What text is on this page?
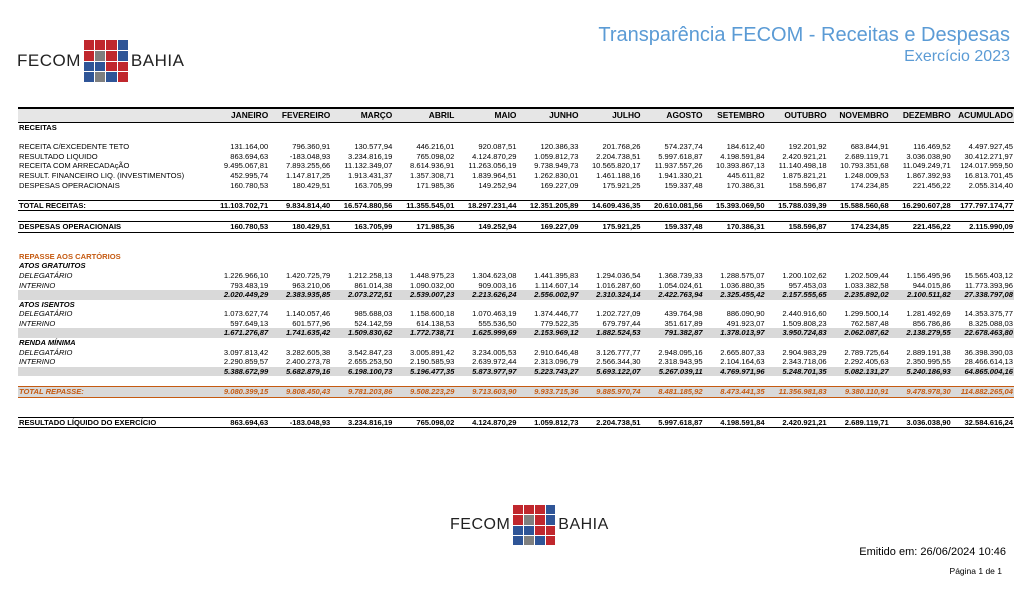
FECOM	BAHIA
Transparência FECOM - Receitas e Despesas
Exercício 2023
	JANEIRO	FEVEREIRO	MARÇO	ABRIL	MAIO	JUNHO	JULHO	AGOSTO	SETEMBRO	OUTUBRO	NOVEMBRO	DEZEMBRO	ACUMULADO
RECEITAS													

RECEITA C/EXCEDENTE TETO	131.164,00	796.360,91	130.577,94	446.216,01	920.087,51	120.386,33	201.768,26	574.237,74	184.612,40	192.201,92	683.844,91	116.469,52	4.497.927,45
RESULTADO LIQUIDO	863.694,63	-183.048,93	3.234.816,19	765.098,02	4.124.870,29	1.059.812,73	2.204.738,51	5.997.618,87	4.198.591,84	2.420.921,21	2.689.119,71	3.036.038,90	30.412.271,97
RECEITA COM ARRECADAçÃO	9.495.067,81	7.893.255,66	11.132.349,07	8.614.936,91	11.263.056,19	9.738.949,73	10.565.820,17	11.937.557,26	10.393.867,13	11.140.498,18	10.793.351,68	11.049.249,71	124.017.959,50
RESULT. FINANCEIRO LIQ. (INVESTIMENTOS)	452.995,74	1.147.817,25	1.913.431,37	1.357.308,71	1.839.964,51	1.262.830,01	1.461.188,16	1.941.330,21	445.611,82	1.875.821,21	1.248.009,53	1.867.392,93	16.813.701,45
DESPESAS OPERACIONAIS	160.780,53	180.429,51	163.705,99	171.985,36	149.252,94	169.227,09	175.921,25	159.337,48	170.386,31	158.596,87	174.234,85	221.456,22	2.055.314,40

TOTAL RECEITAS:	11.103.702,71	9.834.814,40	16.574.880,56	11.355.545,01	18.297.231,44	12.351.205,89	14.609.436,35	20.610.081,56	15.393.069,50	15.788.039,39	15.588.560,68	16.290.607,28	177.797.174,77

DESPESAS OPERACIONAIS	160.780,53	180.429,51	163.705,99	171.985,36	149.252,94	169.227,09	175.921,25	159.337,48	170.386,31	158.596,87	174.234,85	221.456,22	2.115.990,09

REPASSE AOS CARTÓRIOS													
ATOS GRATUITOS													
DELEGATÁRIO	1.226.966,10	1.420.725,79	1.212.258,13	1.448.975,23	1.304.623,08	1.441.395,83	1.294.036,54	1.368.739,33	1.288.575,07	1.200.102,62	1.202.509,44	1.156.495,96	15.565.403,12
INTERINO	793.483,19	963.210,06	861.014,38	1.090.032,00	909.003,16	1.114.607,14	1.016.287,60	1.054.024,61	1.036.880,35	957.453,03	1.033.382,58	944.015,86	11.773.393,96
	2.020.449,29	2.383.935,85	2.073.272,51	2.539.007,23	2.213.626,24	2.556.002,97	2.310.324,14	2.422.763,94	2.325.455,42	2.157.555,65	2.235.892,02	2.100.511,82	27.338.797,08
ATOS ISENTOS													
DELEGATÁRIO	1.073.627,74	1.140.057,46	985.688,03	1.158.600,18	1.070.463,19	1.374.446,77	1.202.727,09	439.764,98	886.090,90	2.440.916,60	1.299.500,14	1.281.492,69	14.353.375,77
INTERINO	597.649,13	601.577,96	524.142,59	614.138,53	555.536,50	779.522,35	679.797,44	351.617,89	491.923,07	1.509.808,23	762.587,48	856.786,86	8.325.088,03
	1.671.276,87	1.741.635,42	1.509.830,62	1.772.738,71	1.625.999,69	2.153.969,12	1.882.524,53	791.382,87	1.378.013,97	3.950.724,83	2.062.087,62	2.138.279,55	22.678.463,80
RENDA MÍNIMA													
DELEGATÁRIO	3.097.813,42	3.282.605,38	3.542.847,23	3.005.891,42	3.234.005,53	2.910.646,48	3.126.777,77	2.948.095,16	2.665.807,33	2.904.983,29	2.789.725,64	2.889.191,38	36.398.390,03
INTERINO	2.290.859,57	2.400.273,78	2.655.253,50	2.190.585,93	2.639.972,44	2.313.096,79	2.566.344,30	2.318.943,95	2.104.164,63	2.343.718,06	2.292.405,63	2.350.995,55	28.466.614,13
	5.388.672,99	5.682.879,16	6.198.100,73	5.196.477,35	5.873.977,97	5.223.743,27	5.693.122,07	5.267.039,11	4.769.971,96	5.248.701,35	5.082.131,27	5.240.186,93	64.865.004,16

TOTAL REPASSE:	9.080.399,15	9.808.450,43	9.781.203,86	9.508.223,29	9.713.603,90	9.933.715,36	9.885.970,74	8.481.185,92	8.473.441,35	11.356.981,83	9.380.110,91	9.478.978,30	114.882.265,04

RESULTADO LÍQUIDO DO EXERCÍCIO	863.694,63	-183.048,93	3.234.816,19	765.098,02	4.124.870,29	1.059.812,73	2.204.738,51	5.997.618,87	4.198.591,84	2.420.921,21	2.689.119,71	3.036.038,90	32.584.616,24
FECOM	BAHIA
Emitido em: 26/06/2024 10:46
Página 1 de 1
